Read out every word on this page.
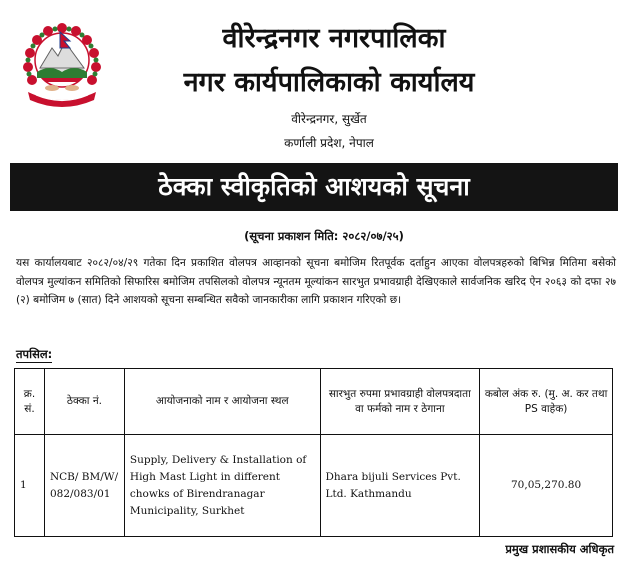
वीरेन्द्रनगर नगरपालिका
नगर कार्यपालिकाको कार्यालय
वीरेन्द्रनगर, सुर्खेत
कर्णाली प्रदेश, नेपाल
ठेक्का स्वीकृतिको आशयको सूचना
(सूचना प्रकाशन मिति: २०८२/०७/२५)

यस कार्यालयबाट २०८२/०४/२९ गतेका दिन प्रकाशित वोलपत्र आव्हानको सूचना बमोजिम रितपूर्वक दर्ताहुन आएका वोलपत्रहरुको बिभिन्न मितिमा बसेको वोलपत्र मुल्यांकन समितिको सिफारिस बमोजिम तपसिलको वोलपत्र न्यूनतम मूल्यांकन सारभुत प्रभावग्राही देखिएकाले सार्वजनिक खरिद ऐन २०६३ को दफा २७ (२) बमोजिम ७ (सात) दिने आशयको सूचना सम्बन्धित सवैको जानकारीका लागि प्रकाशन गरिएको छ।

तपसिल:
क्र. सं.	ठेक्का नं.	आयोजनाको नाम र आयोजना स्थल	सारभुत रुपमा प्रभावग्राही वोलपत्रदाता वा फर्मको नाम र ठेगाना	कबोल अंक रु. (मु. अ. कर तथा PS वाहेक)
1	NCB/ BM/W/ 082/083/01	Supply, Delivery & Installation of High Mast Light in different chowks of Birendranagar Municipality, Surkhet	Dhara bijuli Services Pvt. Ltd. Kathmandu	70,05,270.80
प्रमुख प्रशासकीय अधिकृत
